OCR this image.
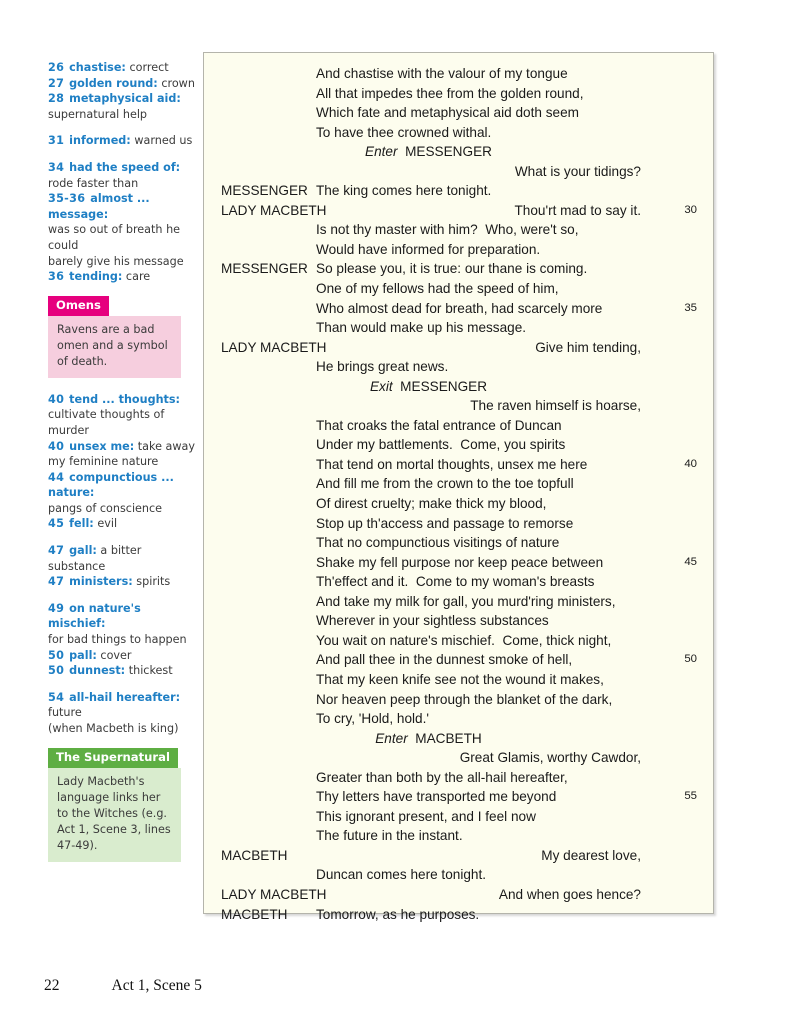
26 chastise: correct
27 golden round: crown
28 metaphysical aid:
supernatural help
31 informed: warned us
34 had the speed of:
rode faster than
35-36 almost ... message:
was so out of breath he could
barely give his message
36 tending: care
Omens
Ravens are a bad omen and a symbol of death.
40 tend ... thoughts:
cultivate thoughts of murder
40 unsex me: take away
my feminine nature
44 compunctious ... nature:
pangs of conscience
45 fell: evil
47 gall: a bitter substance
47 ministers: spirits
49 on nature's mischief:
for bad things to happen
50 pall: cover
50 dunnest: thickest
54 all-hail hereafter: future
(when Macbeth is king)
The Supernatural
Lady Macbeth's language links her to the Witches (e.g. Act 1, Scene 3, lines 47-49).
And chastise with the valour of my tongue
All that impedes thee from the golden round,
Which fate and metaphysical aid doth seem
To have thee crowned withal.
Enter  MESSENGER
What is your tidings?
MESSENGER The king comes here tonight.
LADY MACBETH	Thou'rt mad to say it.	30
Is not thy master with him?  Who, were't so,
Would have informed for preparation.
MESSENGER So please you, it is true: our thane is coming.
One of my fellows had the speed of him,
Who almost dead for breath, had scarcely more	35
Than would make up his message.
LADY MACBETH	Give him tending,
He brings great news.
Exit  MESSENGER
The raven himself is hoarse,
That croaks the fatal entrance of Duncan
Under my battlements.  Come, you spirits
That tend on mortal thoughts, unsex me here	40
And fill me from the crown to the toe topfull
Of direst cruelty; make thick my blood,
Stop up th'access and passage to remorse
That no compunctious visitings of nature
Shake my fell purpose nor keep peace between	45
Th'effect and it.  Come to my woman's breasts
And take my milk for gall, you murd'ring ministers,
Wherever in your sightless substances
You wait on nature's mischief.  Come, thick night,
And pall thee in the dunnest smoke of hell,	50
That my keen knife see not the wound it makes,
Nor heaven peep through the blanket of the dark,
To cry, 'Hold, hold.'
Enter  MACBETH
Great Glamis, worthy Cawdor,
Greater than both by the all-hail hereafter,
Thy letters have transported me beyond	55
This ignorant present, and I feel now
The future in the instant.
MACBETH	My dearest love,
Duncan comes here tonight.
LADY MACBETH	And when goes hence?
MACBETH Tomorrow, as he purposes.
22	Act 1, Scene 5
